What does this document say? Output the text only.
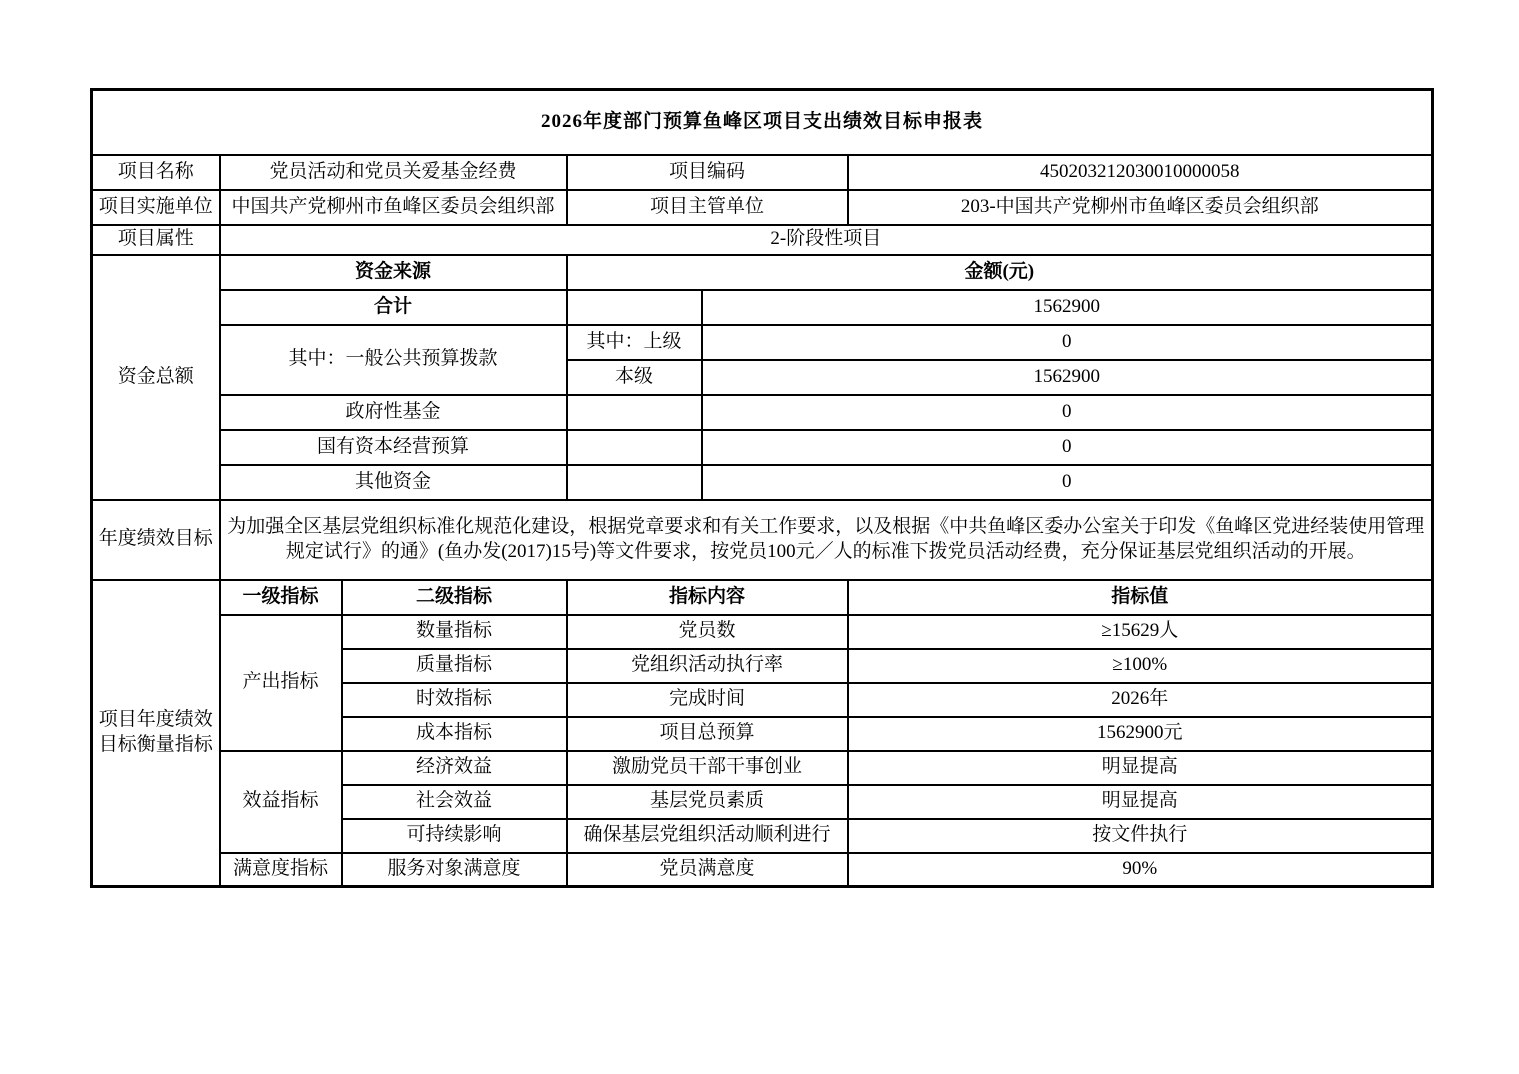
2026年度部门预算鱼峰区项目支出绩效目标申报表					
项目名称	党员活动和党员关爱基金经费		项目编码		450203212030010000058
项目实施单位	中国共产党柳州市鱼峰区委员会组织部		项目主管单位		203-中国共产党柳州市鱼峰区委员会组织部
项目属性	2-阶段性项目				
资金总额	资金来源		金额(元)		
	合计			1562900	
	其中：一般公共预算拨款		其中：上级	0	
			本级	1562900	
	政府性基金			0	
	国有资本经营预算			0	
	其他资金			0	
年度绩效目标	为加强全区基层党组织标准化规范化建设，根据党章要求和有关工作要求，以及根据《中共鱼峰区委办公室关于印发《鱼峰区党进经装使用管理规定试行》的通》(鱼办发(2017)15号)等文件要求，按党员100元／人的标准下拨党员活动经费，充分保证基层党组织活动的开展。				
项目年度绩效目标衡量指标	一级指标	二级指标	指标内容		指标值
	产出指标	数量指标	党员数		≥15629人
		质量指标	党组织活动执行率		≥100%
		时效指标	完成时间		2026年
		成本指标	项目总预算		1562900元
	效益指标	经济效益	激励党员干部干事创业		明显提高
		社会效益	基层党员素质		明显提高
		可持续影响	确保基层党组织活动顺利进行		按文件执行
	满意度指标	服务对象满意度	党员满意度		90%
